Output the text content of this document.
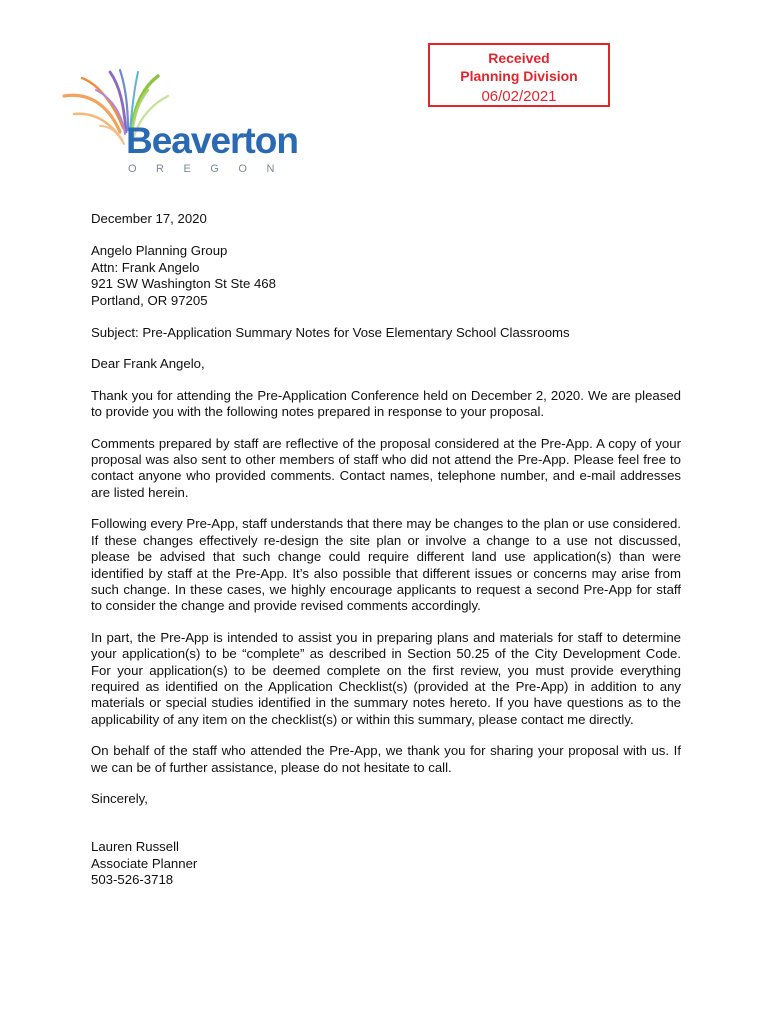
Beaverton
OREGON
Received
Planning Division
06/02/2021

December 17, 2020

Angelo Planning Group
Attn: Frank Angelo
921 SW Washington St Ste 468
Portland, OR 97205

Subject: Pre-Application Summary Notes for Vose Elementary School Classrooms

Dear Frank Angelo,

Thank you for attending the Pre-Application Conference held on December 2, 2020. We are pleased to provide you with the following notes prepared in response to your proposal.

Comments prepared by staff are reflective of the proposal considered at the Pre-App. A copy of your proposal was also sent to other members of staff who did not attend the Pre-App. Please feel free to contact anyone who provided comments. Contact names, telephone number, and e-mail addresses are listed herein.

Following every Pre-App, staff understands that there may be changes to the plan or use considered. If these changes effectively re-design the site plan or involve a change to a use not discussed, please be advised that such change could require different land use application(s) than were identified by staff at the Pre-App. It’s also possible that different issues or concerns may arise from such change. In these cases, we highly encourage applicants to request a second Pre-App for staff to consider the change and provide revised comments accordingly.

In part, the Pre-App is intended to assist you in preparing plans and materials for staff to determine your application(s) to be “complete” as described in Section 50.25 of the City Development Code. For your application(s) to be deemed complete on the first review, you must provide everything required as identified on the Application Checklist(s) (provided at the Pre-App) in addition to any materials or special studies identified in the summary notes hereto. If you have questions as to the applicability of any item on the checklist(s) or within this summary, please contact me directly.

On behalf of the staff who attended the Pre-App, we thank you for sharing your proposal with us. If we can be of further assistance, please do not hesitate to call.

Sincerely,

Lauren Russell
Associate Planner
503-526-3718
